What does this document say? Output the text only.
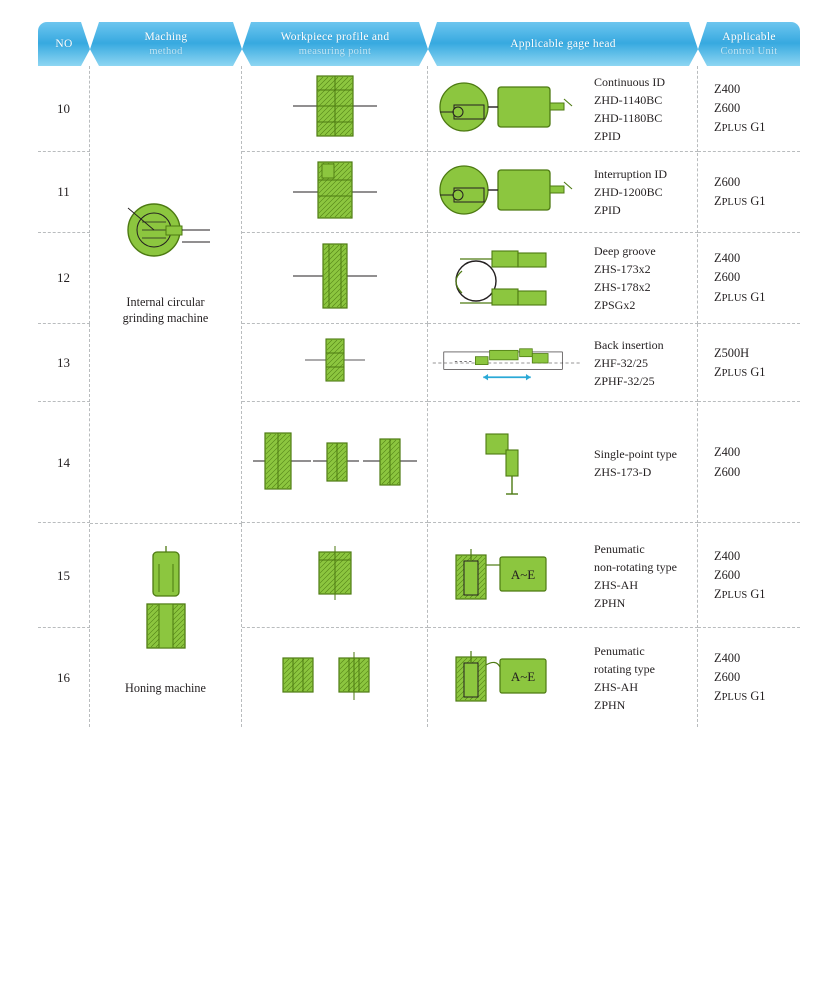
NO
Maching
method
Workpiece profile and
measuring point
Applicable gage head
Applicable
Control Unit
10
Internal circular
grinding machine
Continuous ID
ZHD-1140BC
ZHD-1180BC
ZPID
Z400
Z600
ZPLUS G1
11
Interruption ID
ZHD-1200BC
ZPID
Z600
ZPLUS G1
12
Deep groove
ZHS-173x2
ZHS-178x2
ZPSGx2
Z400
Z600
ZPLUS G1
13
Back insertion
ZHF-32/25
ZPHF-32/25
Z500H
ZPLUS G1
14
Single-point type
ZHS-173-D
Z400
Z600
15
Honing machine
A~E
Penumatic
non-rotating type
ZHS-AH
ZPHN
Z400
Z600
ZPLUS G1
16	A~E
Penumatic
rotating type
ZHS-AH
ZPHN
Z400
Z600
ZPLUS G1
